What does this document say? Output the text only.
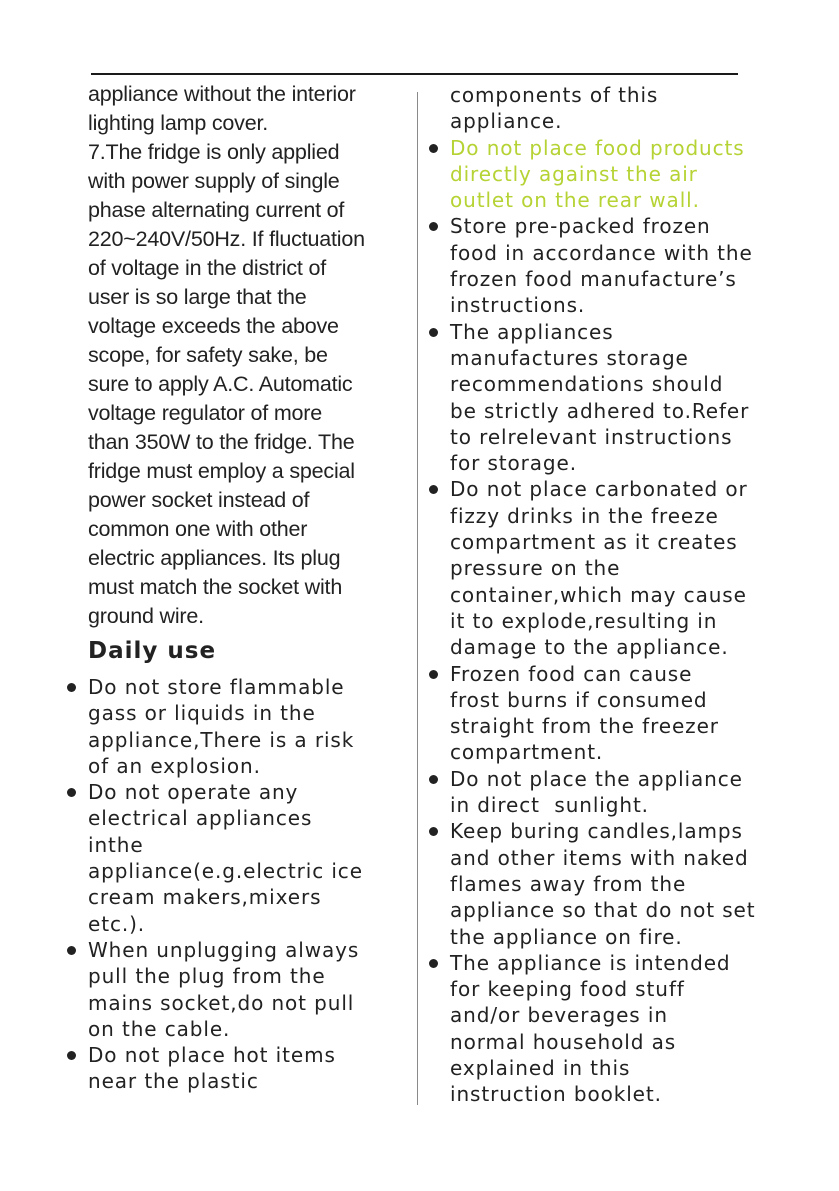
appliance without the interior
lighting lamp cover.
7.The fridge is only applied
with power supply of single
phase alternating current of
220~240V/50Hz. If fluctuation
of voltage in the district of
user is so large that the
voltage exceeds the above
scope, for safety sake, be
sure to apply A.C. Automatic
voltage regulator of more
than 350W to the fridge. The
fridge must employ a special
power socket instead of
common one with other
electric appliances. Its plug
must match the socket with
ground wire.
Daily use
Do not store flammable
gass or liquids in the
appliance,There is a risk
of an explosion.
Do not operate any
electrical appliances
inthe
appliance(e.g.electric ice
cream makers,mixers
etc.).
When unplugging always
pull the plug from the
mains socket,do not pull
on the cable.
Do not place hot items
near the plastic
components of this
appliance.
Do not place food products
directly against the air
outlet on the rear wall.
Store pre-packed frozen
food in accordance with the
frozen food manufacture’s
instructions.
The appliances
manufactures storage
recommendations should
be strictly adhered to.Refer
to relrelevant instructions
for storage.
Do not place carbonated or
fizzy drinks in the freeze
compartment as it creates
pressure on the
container,which may cause
it to explode,resulting in
damage to the appliance.
Frozen food can cause
frost burns if consumed
straight from the freezer
compartment.
Do not place the appliance
in direct  sunlight.
Keep buring candles,lamps
and other items with naked
flames away from the
appliance so that do not set
the appliance on fire.
The appliance is intended
for keeping food stuff
and/or beverages in
normal household as
explained in this
instruction booklet.
